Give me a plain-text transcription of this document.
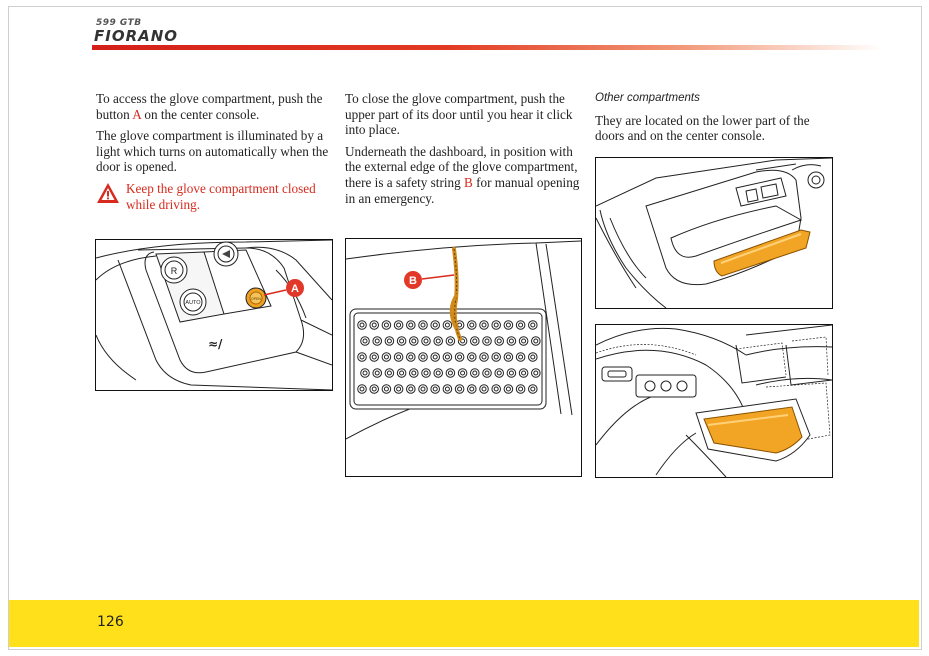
599 GTB
FIORANO

To access the glove compartment, push the button A on the center console.

The glove compartment is illuminated by a light which turns on automatically when the door is opened.

Keep the glove compartment closed while driving.

To close the glove compartment, push the upper part of its door until you hear it click into place.

Underneath the dashboard, in position with the external edge of the glove compartment, there is a safety string B for manual opening in an emergency.

Other compartments

They are located on the lower part of the doors and on the center console.

R
AUTO
OPEN
≈/
A
B
126
